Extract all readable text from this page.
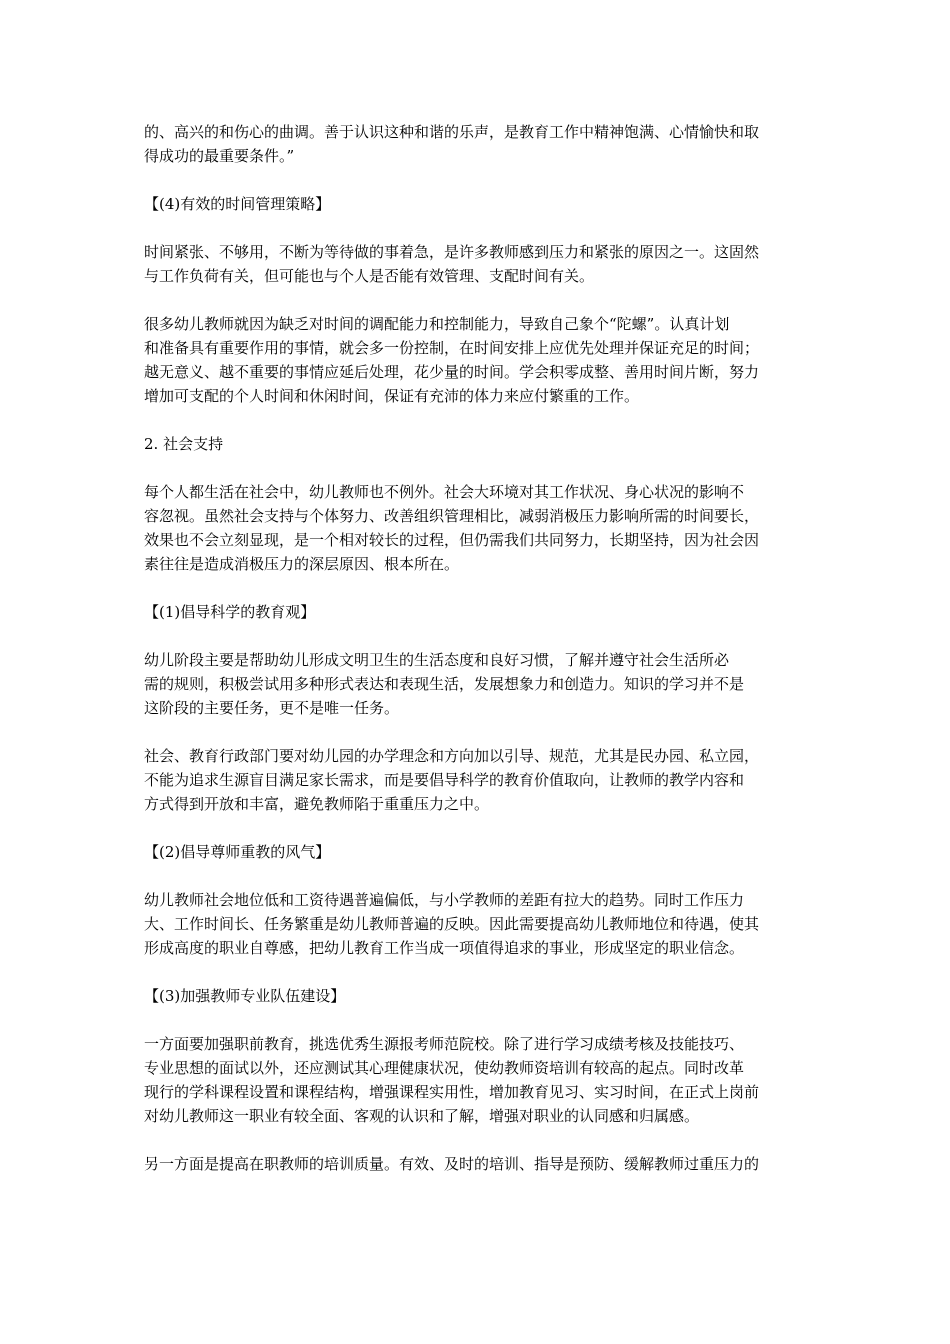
的、高兴的和伤心的曲调。善于认识这种和谐的乐声，是教育工作中精神饱满、心情愉快和取
得成功的最重要条件。”

【(4)有效的时间管理策略】

时间紧张、不够用，不断为等待做的事着急，是许多教师感到压力和紧张的原因之一。这固然
与工作负荷有关，但可能也与个人是否能有效管理、支配时间有关。

很多幼儿教师就因为缺乏对时间的调配能力和控制能力，导致自己象个“陀螺”。认真计划
和准备具有重要作用的事情，就会多一份控制，在时间安排上应优先处理并保证充足的时间；
越无意义、越不重要的事情应延后处理，花少量的时间。学会积零成整、善用时间片断，努力
增加可支配的个人时间和休闲时间，保证有充沛的体力来应付繁重的工作。

2. 社会支持

每个人都生活在社会中，幼儿教师也不例外。社会大环境对其工作状况、身心状况的影响不
容忽视。虽然社会支持与个体努力、改善组织管理相比，减弱消极压力影响所需的时间要长，
效果也不会立刻显现，是一个相对较长的过程，但仍需我们共同努力，长期坚持，因为社会因
素往往是造成消极压力的深层原因、根本所在。

【(1)倡导科学的教育观】

幼儿阶段主要是帮助幼儿形成文明卫生的生活态度和良好习惯，了解并遵守社会生活所必
需的规则，积极尝试用多种形式表达和表现生活，发展想象力和创造力。知识的学习并不是
这阶段的主要任务，更不是唯一任务。

社会、教育行政部门要对幼儿园的办学理念和方向加以引导、规范，尤其是民办园、私立园，
不能为追求生源盲目满足家长需求，而是要倡导科学的教育价值取向，让教师的教学内容和
方式得到开放和丰富，避免教师陷于重重压力之中。

【(2)倡导尊师重教的风气】

幼儿教师社会地位低和工资待遇普遍偏低，与小学教师的差距有拉大的趋势。同时工作压力
大、工作时间长、任务繁重是幼儿教师普遍的反映。因此需要提高幼儿教师地位和待遇，使其
形成高度的职业自尊感，把幼儿教育工作当成一项值得追求的事业，形成坚定的职业信念。

【(3)加强教师专业队伍建设】

一方面要加强职前教育，挑选优秀生源报考师范院校。除了进行学习成绩考核及技能技巧、
专业思想的面试以外，还应测试其心理健康状况，使幼教师资培训有较高的起点。同时改革
现行的学科课程设置和课程结构，增强课程实用性，增加教育见习、实习时间，在正式上岗前
对幼儿教师这一职业有较全面、客观的认识和了解，增强对职业的认同感和归属感。

另一方面是提高在职教师的培训质量。有效、及时的培训、指导是预防、缓解教师过重压力的
